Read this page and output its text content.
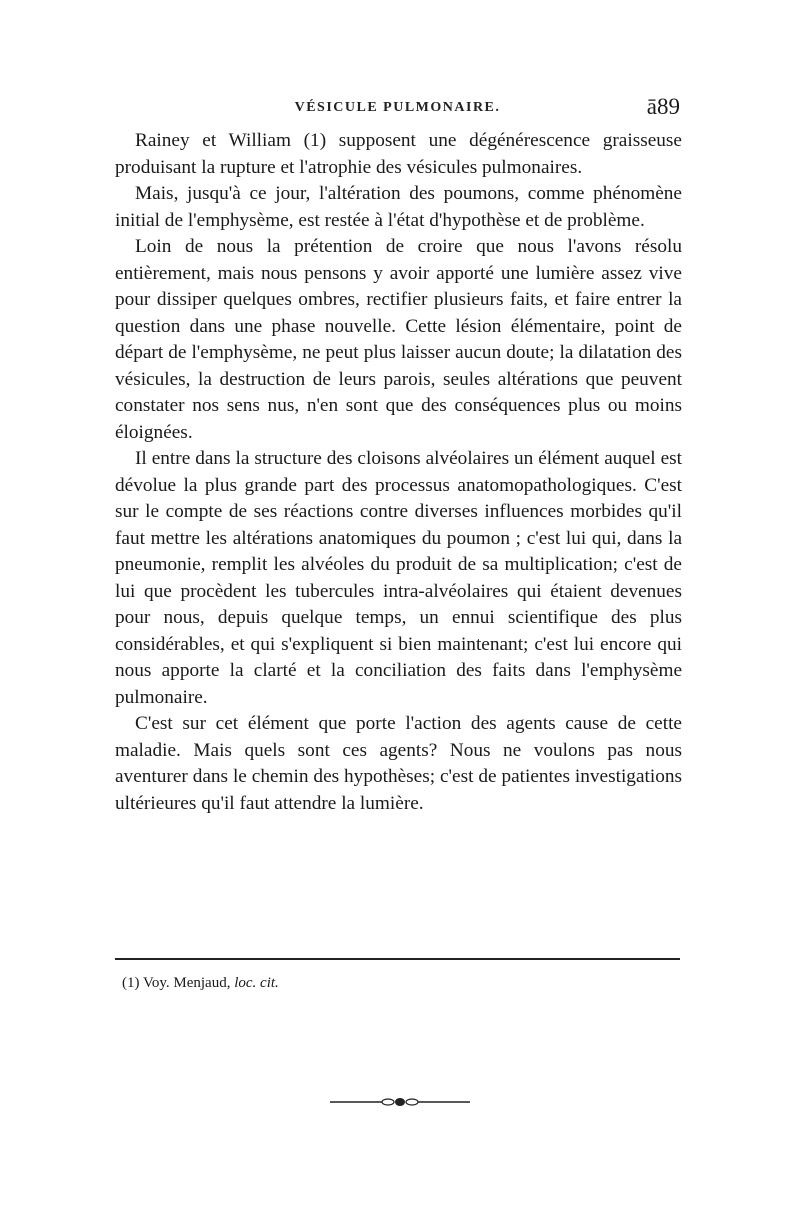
VÉSICULE PULMONAIRE.	ā89

Rainey et William (1) supposent une dégénérescence graisseuse produisant la rupture et l'atrophie des vésicules pulmonaires.

Mais, jusqu'à ce jour, l'altération des poumons, comme phénomène initial de l'emphysème, est restée à l'état d'hypothèse et de problème.

Loin de nous la prétention de croire que nous l'avons résolu entièrement, mais nous pensons y avoir apporté une lumière assez vive pour dissiper quelques ombres, rectifier plusieurs faits, et faire entrer la question dans une phase nouvelle. Cette lésion élémentaire, point de départ de l'emphysème, ne peut plus laisser aucun doute; la dilatation des vésicules, la destruction de leurs parois, seules altérations que peuvent constater nos sens nus, n'en sont que des conséquences plus ou moins éloignées.

Il entre dans la structure des cloisons alvéolaires un élément auquel est dévolue la plus grande part des processus anatomopathologiques. C'est sur le compte de ses réactions contre diverses influences morbides qu'il faut mettre les altérations anatomiques du poumon ; c'est lui qui, dans la pneumonie, remplit les alvéoles du produit de sa multiplication; c'est de lui que procèdent les tubercules intra-alvéolaires qui étaient devenues pour nous, depuis quelque temps, un ennui scientifique des plus considérables, et qui s'expliquent si bien maintenant; c'est lui encore qui nous apporte la clarté et la conciliation des faits dans l'emphysème pulmonaire.

C'est sur cet élément que porte l'action des agents cause de cette maladie. Mais quels sont ces agents? Nous ne voulons pas nous aventurer dans le chemin des hypothèses; c'est de patientes investigations ultérieures qu'il faut attendre la lumière.

(1) Voy. Menjaud, loc. cit.
